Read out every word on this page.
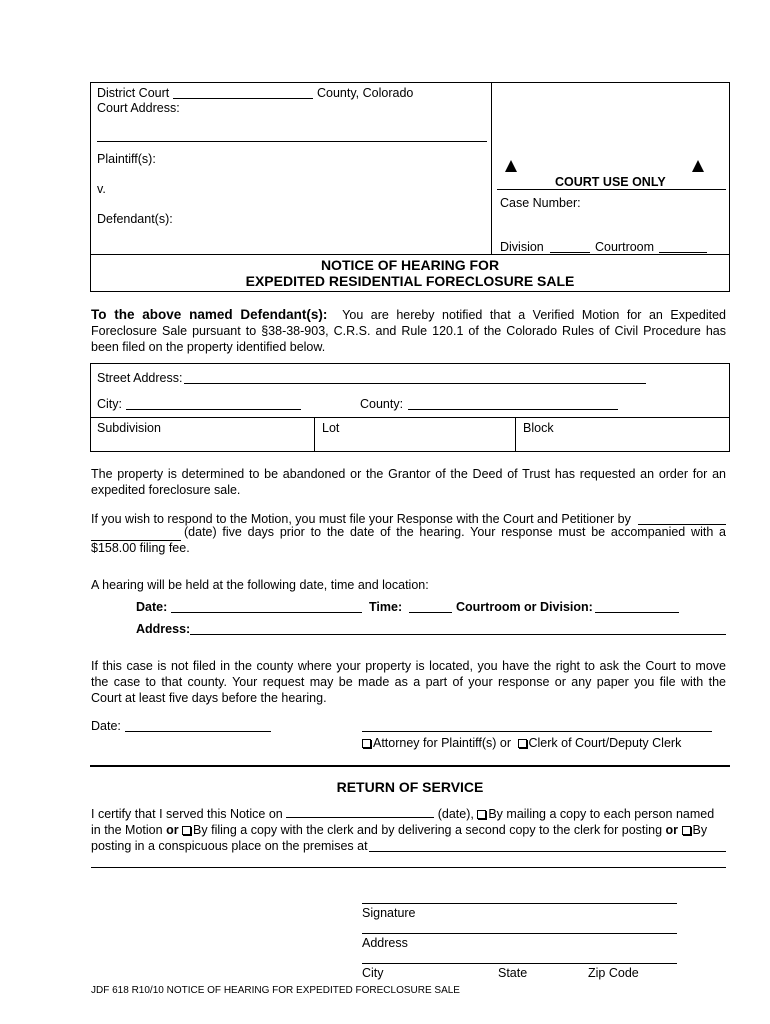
District Court	County, Colorado
Court Address:
Plaintiff(s):
v.
Defendant(s):
COURT USE ONLY
Case Number:
Division	Courtroom
NOTICE OF HEARING FOR
EXPEDITED RESIDENTIAL FORECLOSURE SALE
To the above named Defendant(s): You are hereby notified that a Verified Motion for an Expedited
Foreclosure Sale pursuant to §38-38-903, C.R.S. and Rule 120.1 of the Colorado Rules of Civil Procedure has
been filed on the property identified below.
Street Address:
City:	County:
Subdivision	Lot	Block
The property is determined to be abandoned or the Grantor of the Deed of Trust has requested an order for an
expedited foreclosure sale.
If you wish to respond to the Motion, you must file your Response with the Court and Petitioner by
(date) five days prior to the date of the hearing. Your response must be accompanied with a
$158.00 filing fee.
A hearing will be held at the following date, time and location:
Date:	Time:	Courtroom or Division:
Address:
If this case is not filed in the county where your property is located, you have the right to ask the Court to move
the case to that county. Your request may be made as a part of your response or any paper you file with the
Court at least five days before the hearing.
Date:
Attorney for Plaintiff(s) or Clerk of Court/Deputy Clerk
RETURN OF SERVICE
I certify that I served this Notice on	(date), By mailing a copy to each person named
in the Motion or By filing a copy with the clerk and by delivering a second copy to the clerk for posting or By
posting in a conspicuous place on the premises at
Signature
Address
City	State	Zip Code
JDF 618 R10/10 NOTICE OF HEARING FOR EXPEDITED FORECLOSURE SALE
